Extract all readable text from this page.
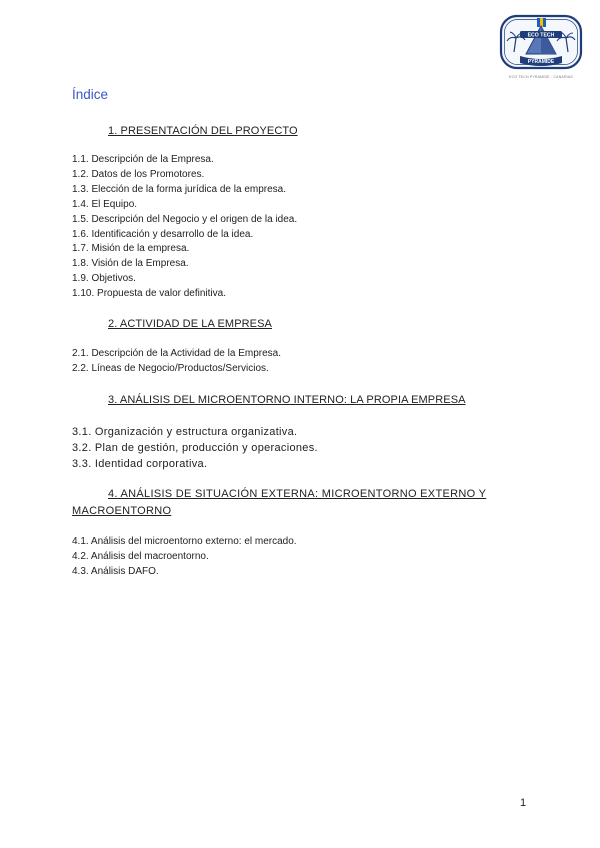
ECO TECH
PYRAMIDE
ECO TECH PYRAMIDE · CANARIAS
Índice
1. PRESENTACIÓN DEL PROYECTO
1.1. Descripción de la Empresa.
1.2. Datos de los Promotores.
1.3. Elección de la forma jurídica de la empresa.
1.4. El Equipo.
1.5. Descripción del Negocio y el origen de la idea.
1.6. Identificación y desarrollo de la idea.
1.7. Misión de la empresa.
1.8. Visión de la Empresa.
1.9. Objetivos.
1.10. Propuesta de valor definitiva.
2. ACTIVIDAD DE LA EMPRESA
2.1. Descripción de la Actividad de la Empresa.
2.2. Líneas de Negocio/Productos/Servicios.
3. ANÁLISIS DEL MICROENTORNO INTERNO: LA PROPIA EMPRESA
3.1. Organización y estructura organizativa.
3.2. Plan de gestión, producción y operaciones.
3.3. Identidad corporativa.
4. ANÁLISIS DE SITUACIÓN EXTERNA: MICROENTORNO EXTERNO Y
MACROENTORNO
4.1. Análisis del microentorno externo: el mercado.
4.2. Análisis del macroentorno.
4.3. Análisis DAFO.
1
